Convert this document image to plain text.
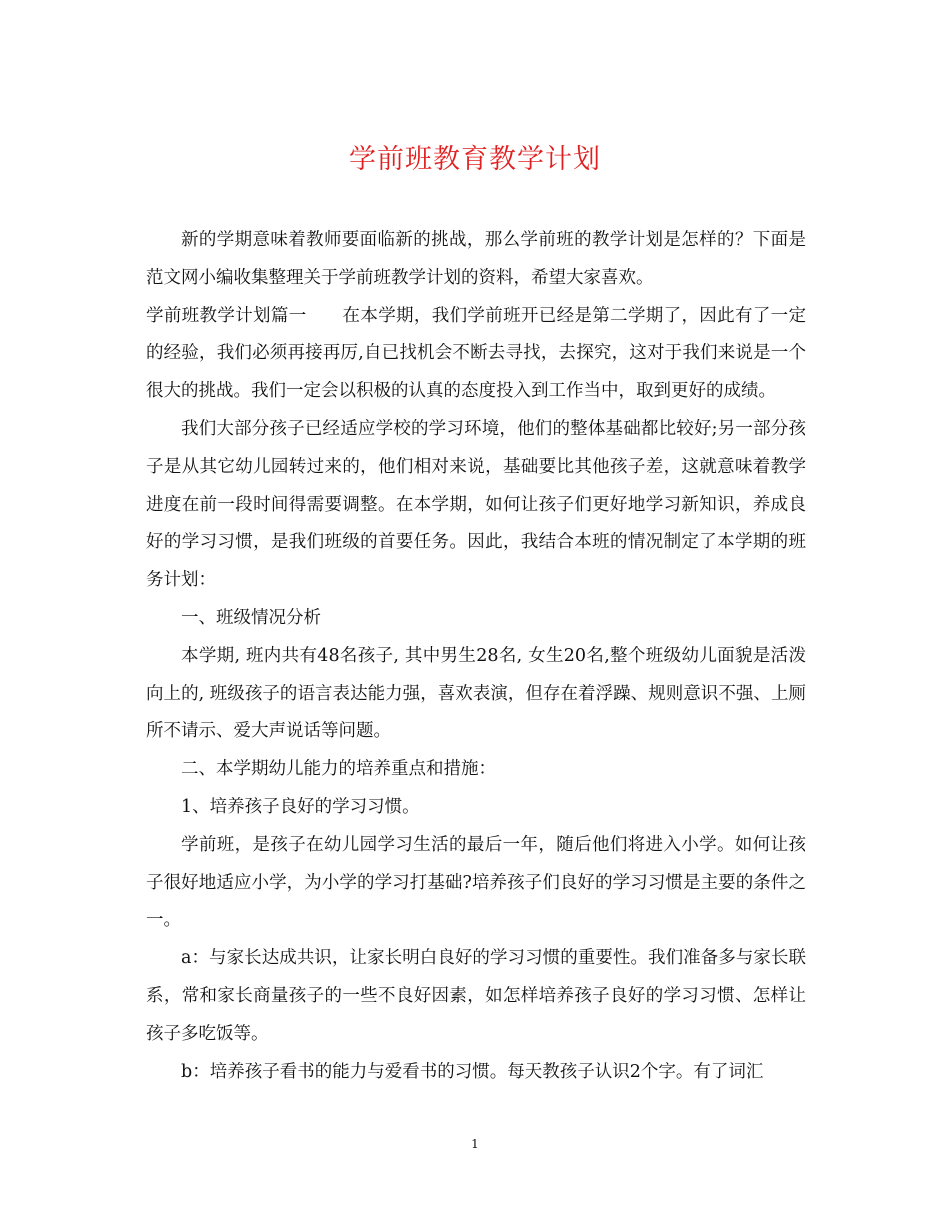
学前班教育教学计划

新的学期意味着教师要面临新的挑战，那么学前班的教学计划是怎样的？下面是范文网小编收集整理关于学前班教学计划的资料，希望大家喜欢。

学前班教学计划篇一 在本学期，我们学前班开已经是第二学期了，因此有了一定的经验，我们必须再接再厉,自已找机会不断去寻找，去探究，这对于我们来说是一个很大的挑战。我们一定会以积极的认真的态度投入到工作当中，取到更好的成绩。

我们大部分孩子已经适应学校的学习环境，他们的整体基础都比较好;另一部分孩子是从其它幼儿园转过来的，他们相对来说，基础要比其他孩子差，这就意味着教学进度在前一段时间得需要调整。在本学期，如何让孩子们更好地学习新知识，养成良好的学习习惯，是我们班级的首要任务。因此，我结合本班的情况制定了本学期的班务计划：

一、班级情况分析

本学期, 班内共有48名孩子, 其中男生28名, 女生20名,整个班级幼儿面貌是活泼向上的, 班级孩子的语言表达能力强，喜欢表演，但存在着浮躁、规则意识不强、上厕所不请示、爱大声说话等问题。

二、本学期幼儿能力的培养重点和措施：

1、培养孩子良好的学习习惯。

学前班，是孩子在幼儿园学习生活的最后一年，随后他们将进入小学。如何让孩子很好地适应小学，为小学的学习打基础?培养孩子们良好的学习习惯是主要的条件之一。

a：与家长达成共识，让家长明白良好的学习习惯的重要性。我们准备多与家长联系，常和家长商量孩子的一些不良好因素，如怎样培养孩子良好的学习习惯、怎样让孩子多吃饭等。

b：培养孩子看书的能力与爱看书的习惯。每天教孩子认识2个字。有了词汇

1
